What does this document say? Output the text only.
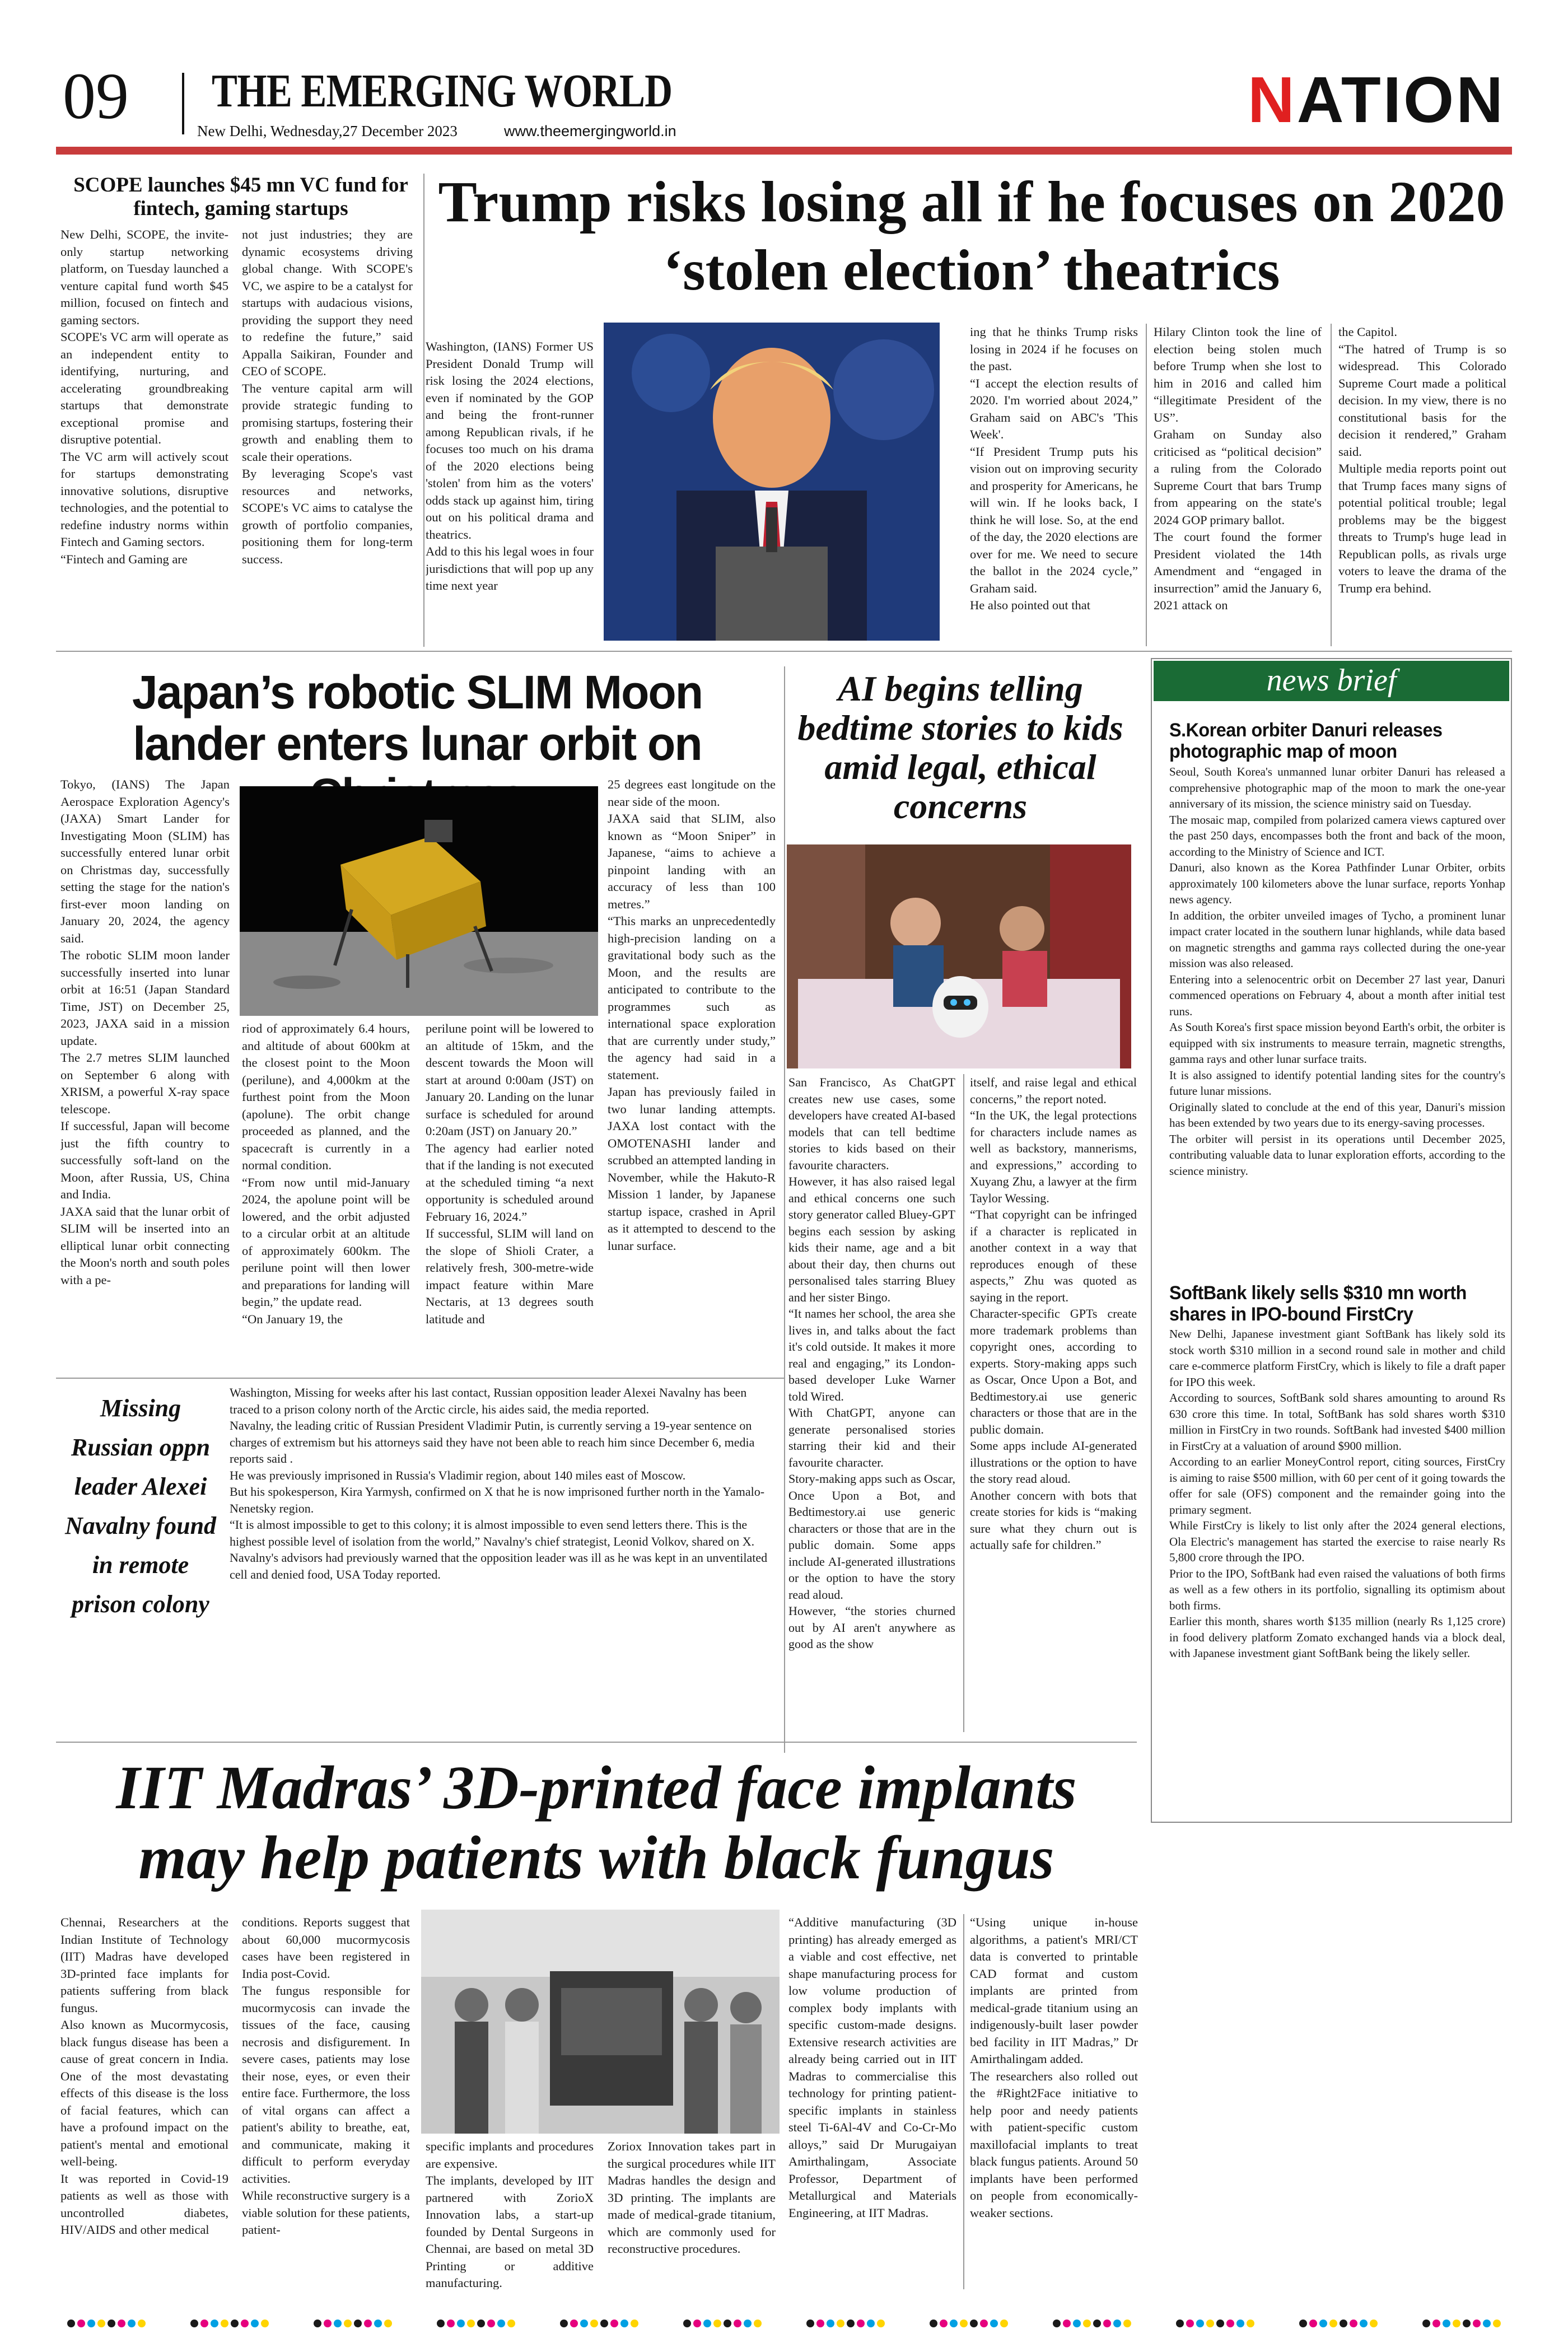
09 THE EMERGING WORLD
New Delhi, Wednesday,27 December 2023	www.theemergingworld.in	NATION
SCOPE launches $45 mn VC fund for fintech, gaming startups
New Delhi, SCOPE, the invite-only startup networking platform, on Tuesday launched a venture capital fund worth $45 million, focused on fintech and gaming sectors.
SCOPE's VC arm will operate as an independent entity to identifying, nurturing, and accelerating groundbreaking startups that demonstrate exceptional promise and disruptive potential.
The VC arm will actively scout for startups demonstrating innovative solutions, disruptive technologies, and the potential to redefine industry norms within Fintech and Gaming sectors.
“Fintech and Gaming are
not just industries; they are dynamic ecosystems driving global change. With SCOPE's VC, we aspire to be a catalyst for startups with audacious visions, providing the support they need to redefine the future,” said Appalla Saikiran, Founder and CEO of SCOPE.
The venture capital arm will provide strategic funding to promising startups, fostering their growth and enabling them to scale their operations.
By leveraging Scope's vast resources and networks, SCOPE's VC aims to catalyse the growth of portfolio companies, positioning them for long-term success.
Trump risks losing all if he focuses on 2020 ‘stolen election’ theatrics
Washington, (IANS) Former US President Donald Trump will risk losing the 2024 elections, even if nominated by the GOP and being the front-runner among Republican rivals, if he focuses too much on his drama of the 2020 elections being 'stolen' from him as the voters' odds stack up against him, tiring out on his political drama and theatrics.
Add to this his legal woes in four jurisdictions that will pop up any time next year
ing that he thinks Trump risks losing in 2024 if he focuses on the past.
“I accept the election results of 2020. I'm worried about 2024,” Graham said on ABC's 'This Week'.
“If President Trump puts his vision out on improving security and prosperity for Americans, he will win. If he looks back, I think he will lose. So, at the end of the day, the 2020 elections are over for me. We need to secure the ballot in the 2024 cycle,” Graham said.
He also pointed out that
Hilary Clinton took the line of election being stolen much before Trump when she lost to him in 2016 and called him “illegitimate President of the US”.
Graham on Sunday also criticised as “political decision” a ruling from the Colorado Supreme Court that bars Trump from appearing on the state's 2024 GOP primary ballot.
The court found the former President violated the 14th Amendment and “engaged in insurrection” amid the January 6, 2021 attack on
the Capitol.
“The hatred of Trump is so widespread. This Colorado Supreme Court made a political decision. In my view, there is no constitutional basis for the decision it rendered,” Graham said.
Multiple media reports point out that Trump faces many signs of potential political trouble; legal problems may be the biggest threats to Trump's huge lead in Republican polls, as rivals urge voters to leave the drama of the Trump era behind.
Japan’s robotic SLIM Moon lander enters lunar orbit on
Tokyo, (IANS) The Japan Aerospace Exploration Agency's (JAXA) Smart Lander for Investigating Moon (SLIM) has successfully entered lunar orbit on Christmas day, successfully setting the stage for the nation's first-ever moon landing on January 20, 2024, the agency said.
The robotic SLIM moon lander successfully inserted into lunar orbit at 16:51 (Japan Standard Time, JST) on December 25, 2023, JAXA said in a mission update.
The 2.7 metres SLIM launched on September 6 along with XRISM, a powerful X-ray space telescope.
If successful, Japan will become just the fifth country to successfully soft-land on the Moon, after Russia, US, China and India.
JAXA said that the lunar orbit of SLIM will be inserted into an elliptical lunar orbit connecting the Moon's north and south poles with a pe-
riod of approximately 6.4 hours, and altitude of about 600km at the closest point to the Moon (perilune), and 4,000km at the furthest point from the Moon (apolune). The orbit change proceeded as planned, and the spacecraft is currently in a normal condition.
“From now until mid-January 2024, the apolune point will be lowered, and the orbit adjusted to a circular orbit at an altitude of approximately 600km. The perilune point will then lower and preparations for landing will begin,” the update read.
“On January 19, the
perilune point will be lowered to an altitude of 15km, and the descent towards the Moon will start at around 0:00am (JST) on January 20. Landing on the lunar surface is scheduled for around 0:20am (JST) on January 20.”
The agency had earlier noted that if the landing is not executed at the scheduled timing “a next opportunity is scheduled around February 16, 2024.”
If successful, SLIM will land on the slope of Shioli Crater, a relatively fresh, 300-metre-wide impact feature within Mare Nectaris, at 13 degrees south latitude and
25 degrees east longitude on the near side of the moon.
JAXA said that SLIM, also known as “Moon Sniper” in Japanese, “aims to achieve a pinpoint landing with an accuracy of less than 100 metres.”
“This marks an unprecedentedly high-precision landing on a gravitational body such as the Moon, and the results are anticipated to contribute to the programmes such as international space exploration that are currently under study,” the agency had said in a statement.
Japan has previously failed in two lunar landing attempts. JAXA lost contact with the OMOTENASHI lander and scrubbed an attempted landing in November, while the Hakuto-R Mission 1 lander, by Japanese startup ispace, crashed in April as it attempted to descend to the lunar surface.
Missing Russian oppn leader Alexei Navalny found in remote prison colony
Washington, Missing for weeks after his last contact, Russian opposition leader Alexei Navalny has been traced to a prison colony north of the Arctic circle, his aides said, the media reported.
Navalny, the leading critic of Russian President Vladimir Putin, is currently serving a 19-year sentence on charges of extremism but his attorneys said they have not been able to reach him since December 6, media reports said .
He was previously imprisoned in Russia's Vladimir region, about 140 miles east of Moscow.
But his spokesperson, Kira Yarmysh, confirmed on X that he is now imprisoned further north in the Yamalo-Nenetsky region.
“It is almost impossible to get to this colony; it is almost impossible to even send letters there. This is the highest possible level of isolation from the world,” Navalny's chief strategist, Leonid Volkov, shared on X.
Navalny's advisors had previously warned that the opposition leader was ill as he was kept in an unventilated cell and denied food, USA Today reported.
AI begins telling bedtime stories to kids amid legal, ethical concerns
San Francisco, As ChatGPT creates new use cases, some developers have created AI-based models that can tell bedtime stories to kids based on their favourite characters.
However, it has also raised legal and ethical concerns one such story generator called Bluey-GPT begins each session by asking kids their name, age and a bit about their day, then churns out personalised tales starring Bluey and her sister Bingo.
“It names her school, the area she lives in, and talks about the fact it's cold outside. It makes it more real and engaging,” its London-based developer Luke Warner told Wired.
With ChatGPT, anyone can generate personalised stories starring their kid and their favourite character.
Story-making apps such as Oscar, Once Upon a Bot, and Bedtimestory.ai use generic characters or those that are in the public domain. Some apps include AI-generated illustrations or the option to have the story read aloud.
However, “the stories churned out by AI aren't anywhere as good as the show
itself, and raise legal and ethical concerns,” the report noted.
“In the UK, the legal protections for characters include names as well as backstory, mannerisms, and expressions,” according to Xuyang Zhu, a lawyer at the firm Taylor Wessing.
“That copyright can be infringed if a character is replicated in another context in a way that reproduces enough of these aspects,” Zhu was quoted as saying in the report.
Character-specific GPTs create more trademark problems than copyright ones, according to experts. Story-making apps such as Oscar, Once Upon a Bot, and Bedtimestory.ai use generic characters or those that are in the public domain.
Some apps include AI-generated illustrations or the option to have the story read aloud.
Another concern with bots that create stories for kids is “making sure what they churn out is actually safe for children.”
news brief
S.Korean orbiter Danuri releases photographic map of moon
Seoul, South Korea's unmanned lunar orbiter Danuri has released a comprehensive photographic map of the moon to mark the one-year anniversary of its mission, the science ministry said on Tuesday.
The mosaic map, compiled from polarized camera views captured over the past 250 days, encompasses both the front and back of the moon, according to the Ministry of Science and ICT.
Danuri, also known as the Korea Pathfinder Lunar Orbiter, orbits approximately 100 kilometers above the lunar surface, reports Yonhap news agency.
In addition, the orbiter unveiled images of Tycho, a prominent lunar impact crater located in the southern lunar highlands, while data based on magnetic strengths and gamma rays collected during the one-year mission was also released.
Entering into a selenocentric orbit on December 27 last year, Danuri commenced operations on February 4, about a month after initial test runs.
As South Korea's first space mission beyond Earth's orbit, the orbiter is equipped with six instruments to measure terrain, magnetic strengths, gamma rays and other lunar surface traits.
It is also assigned to identify potential landing sites for the country's future lunar missions.
Originally slated to conclude at the end of this year, Danuri's mission has been extended by two years due to its energy-saving processes.
The orbiter will persist in its operations until December 2025, contributing valuable data to lunar exploration efforts, according to the science ministry.
SoftBank likely sells $310 mn worth shares in IPO-bound FirstCry
New Delhi, Japanese investment giant SoftBank has likely sold its stock worth $310 million in a second round sale in mother and child care e-commerce platform FirstCry, which is likely to file a draft paper for IPO this week.
According to sources, SoftBank sold shares amounting to around Rs 630 crore this time. In total, SoftBank has sold shares worth $310 million in FirstCry in two rounds. SoftBank had invested $400 million in FirstCry at a valuation of around $900 million.
According to an earlier MoneyControl report, citing sources, FirstCry is aiming to raise $500 million, with 60 per cent of it going towards the offer for sale (OFS) component and the remainder going into the primary segment.
While FirstCry is likely to list only after the 2024 general elections, Ola Electric's management has started the exercise to raise nearly Rs 5,800 crore through the IPO.
Prior to the IPO, SoftBank had even raised the valuations of both firms as well as a few others in its portfolio, signalling its optimism about both firms.
Earlier this month, shares worth $135 million (nearly Rs 1,125 crore) in food delivery platform Zomato exchanged hands via a block deal, with Japanese investment giant SoftBank being the likely seller.
IIT Madras’ 3D-printed face implants may help patients with black fungus
Chennai, Researchers at the Indian Institute of Technology (IIT) Madras have developed 3D-printed face implants for patients suffering from black fungus.
Also known as Mucormycosis, black fungus disease has been a cause of great concern in India. One of the most devastating effects of this disease is the loss of facial features, which can have a profound impact on the patient's mental and emotional well-being.
It was reported in Covid-19 patients as well as those with uncontrolled diabetes, HIV/AIDS and other medical
conditions. Reports suggest that about 60,000 mucormycosis cases have been registered in India post-Covid.
The fungus responsible for mucormycosis can invade the tissues of the face, causing necrosis and disfigurement. In severe cases, patients may lose their nose, eyes, or even their entire face. Furthermore, the loss of vital organs can affect a patient's ability to breathe, eat, and communicate, making it difficult to perform everyday activities.
While reconstructive surgery is a viable solution for these patients, patient-
specific implants and procedures are expensive.
The implants, developed by IIT partnered with ZorioX Innovation labs, a start-up founded by Dental Surgeons in Chennai, are based on metal 3D Printing or additive manufacturing.
Zoriox Innovation takes part in the surgical procedures while IIT Madras handles the design and 3D printing. The implants are made of medical-grade titanium, which are commonly used for reconstructive procedures.
“Additive manufacturing (3D printing) has already emerged as a viable and cost effective, net shape manufacturing process for low volume production of complex body implants with specific custom-made designs. Extensive research activities are already being carried out in IIT Madras to commercialise this technology for printing patient-specific implants in stainless steel Ti-6Al-4V and Co-Cr-Mo alloys,” said Dr Murugaiyan Amirthalingam, Associate Professor, Department of Metallurgical and Materials Engineering, at IIT Madras.
“Using unique in-house algorithms, a patient's MRI/CT data is converted to printable CAD format and custom implants are printed from medical-grade titanium using an indigenously-built laser powder bed facility in IIT Madras,” Dr Amirthalingam added.
The researchers also rolled out the #Right2Face initiative to help poor and needy patients with patient-specific custom maxillofacial implants to treat black fungus patients. Around 50 implants have been performed on people from economically-weaker sections.
